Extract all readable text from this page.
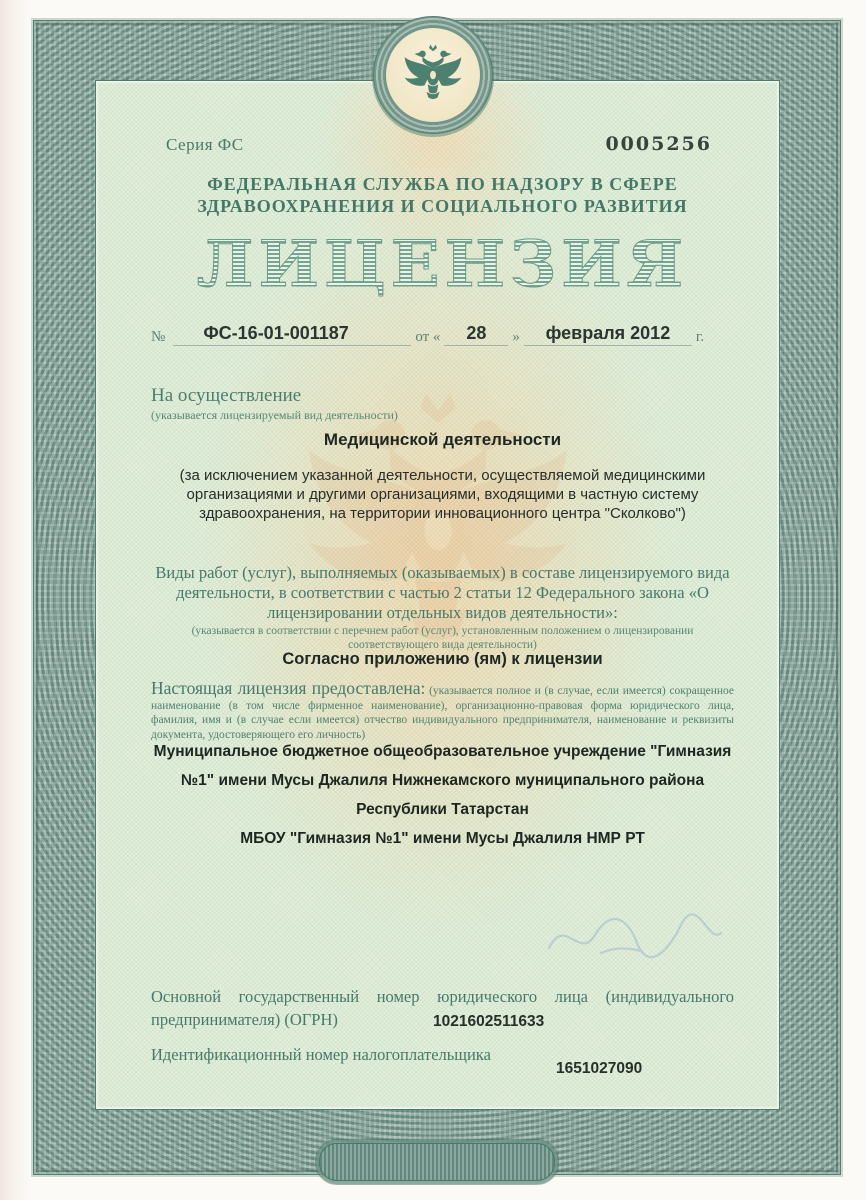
Серия ФС	0005256
ФЕДЕРАЛЬНАЯ СЛУЖБА ПО НАДЗОРУ В СФЕРЕ
ЗДРАВООХРАНЕНИЯ И СОЦИАЛЬНОГО РАЗВИТИЯ
ЛИЦЕНЗИЯ
№	ФС-16-01-001187	от «	28	»	февраля 2012	г.
На осуществление
(указывается лицензируемый вид деятельности)
Медицинской деятельности
(за исключением указанной деятельности, осуществляемой медицинскими организациями и другими организациями, входящими в частную систему здравоохранения, на территории инновационного центра "Сколково")
Виды работ (услуг), выполняемых (оказываемых) в составе лицензируемого вида деятельности, в соответствии с частью 2 статьи 12 Федерального закона «О лицензировании отдельных видов деятельности»:
(указывается в соответствии с перечнем работ (услуг), установленным положением о лицензировании соответствующего вида деятельности)
Согласно приложению (ям) к лицензии
Настоящая лицензия предоставлена: (указывается полное и (в случае, если имеется) сокращенное наименование (в том числе фирменное наименование), организационно-правовая форма юридического лица, фамилия, имя и (в случае если имеется) отчество индивидуального предпринимателя, наименование и реквизиты документа, удостоверяющего его личность)
Муниципальное бюджетное общеобразовательное учреждение "Гимназия
№1" имени Мусы Джалиля Нижнекамского муниципального района
Республики Татарстан
МБОУ "Гимназия №1" имени Мусы Джалиля НМР РТ
Основной государственный номер юридического лица (индивидуального
предпринимателя) (ОГРН)	1021602511633
Идентификационный номер налогоплательщика
1651027090
